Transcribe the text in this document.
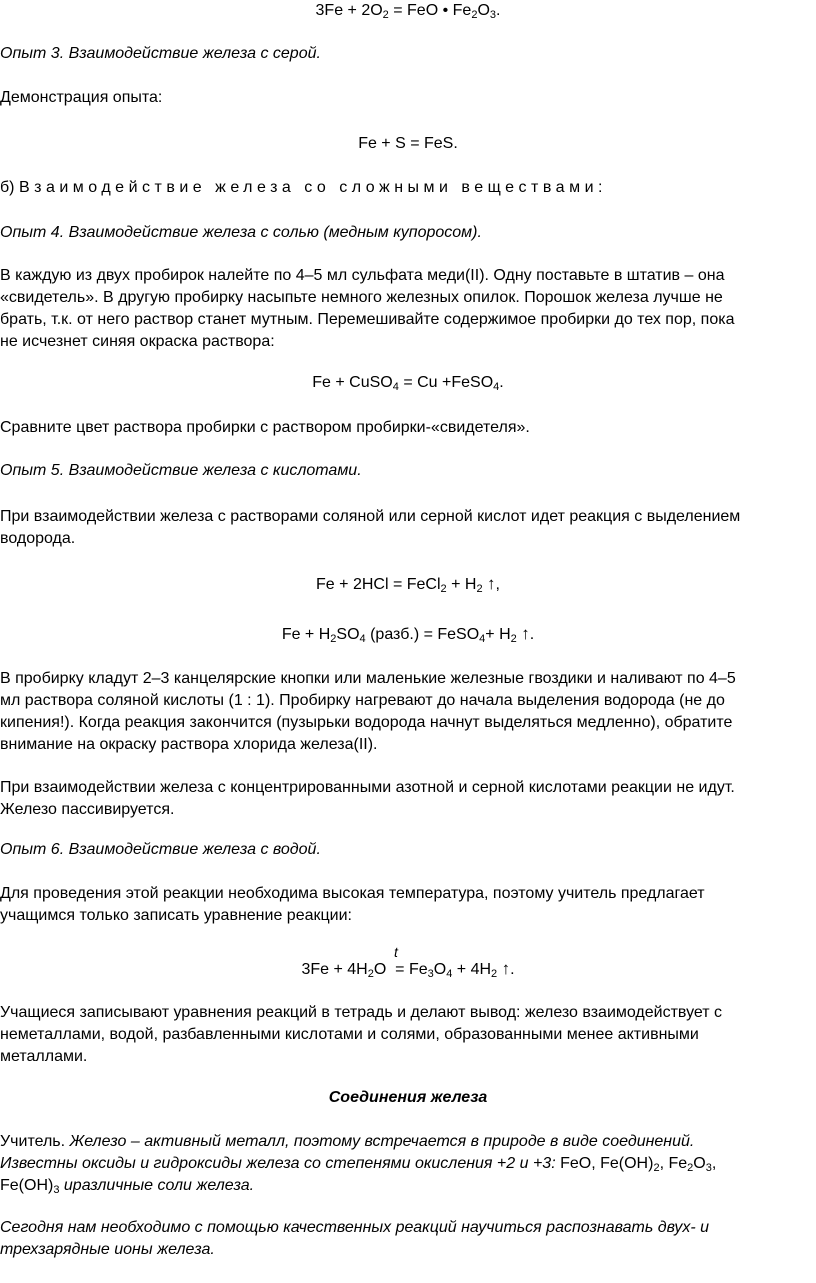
$3Fe + 2O_2$ = FeO • $Fe_2O_3$.

Опыт 3. Взаимодействие железа с серой.

Демонстрация опыта:

Fe + S = FeS.

б) Взаимодействие железа со сложными веществами:

Опыт 4. Взаимодействие железа с солью (медным купоросом).

В каждую из двух пробирок налейте по 4–5 мл сульфата меди(II). Одну поставьте в штатив – она

«свидетель». В другую пробирку насыпьте немного железных опилок. Порошок железа лучше не

брать, т.к. от него раствор станет мутным. Перемешивайте содержимое пробирки до тех пор, пока

не исчезнет синяя окраска раствора:

Fe + CuSO$_4$ = Cu +FeSO$_4$.

Сравните цвет раствора пробирки с раствором пробирки-«свидетеля».

Опыт 5. Взаимодействие железа с кислотами.

При взаимодействии железа с растворами соляной или серной кислот идет реакция с выделением

водорода.

Fe + 2HCl = FeCl$_2$ + $H_2$ ↑,

$Fe + H_2SO_4$ (разб.) = FeSO$_4$+ $H_2$ ↑.

В пробирку кладут 2–3 канцелярские кнопки или маленькие железные гвоздики и наливают по 4–5

мл раствора соляной кислоты (1 : 1). Пробирку нагревают до начала выделения водорода (не до

кипения!). Когда реакция закончится (пузырьки водорода начнут выделяться медленно), обратите

внимание на окраску раствора хлорида железа(II).

При взаимодействии железа с концентрированными азотной и серной кислотами реакции не идут.

Железо пассивируется.

Опыт 6. Взаимодействие железа с водой.

Для проведения этой реакции необходима высокая температура, поэтому учитель предлагает

учащимся только записать уравнение реакции:

t

$3Fe + 4H_2O = Fe_3O_4 + 4H_2$ ↑.

Учащиеся записывают уравнения реакций в тетрадь и делают вывод: железо взаимодействует с

неметаллами, водой, разбавленными кислотами и солями, образованными менее активными

металлами.

Соединения железа

Учитель. Железо – активный металл, поэтому встречается в природе в виде соединений.

Известны оксиды и гидроксиды железа со степенями окисления +2 и +3: FeO, $Fe(OH)_2$, $Fe_2O_3$,

$Fe(OH)_3$ иразличные соли железа.

Сегодня нам необходимо с помощью качественных реакций научиться распознавать двух- и

трехзарядные ионы железа.
